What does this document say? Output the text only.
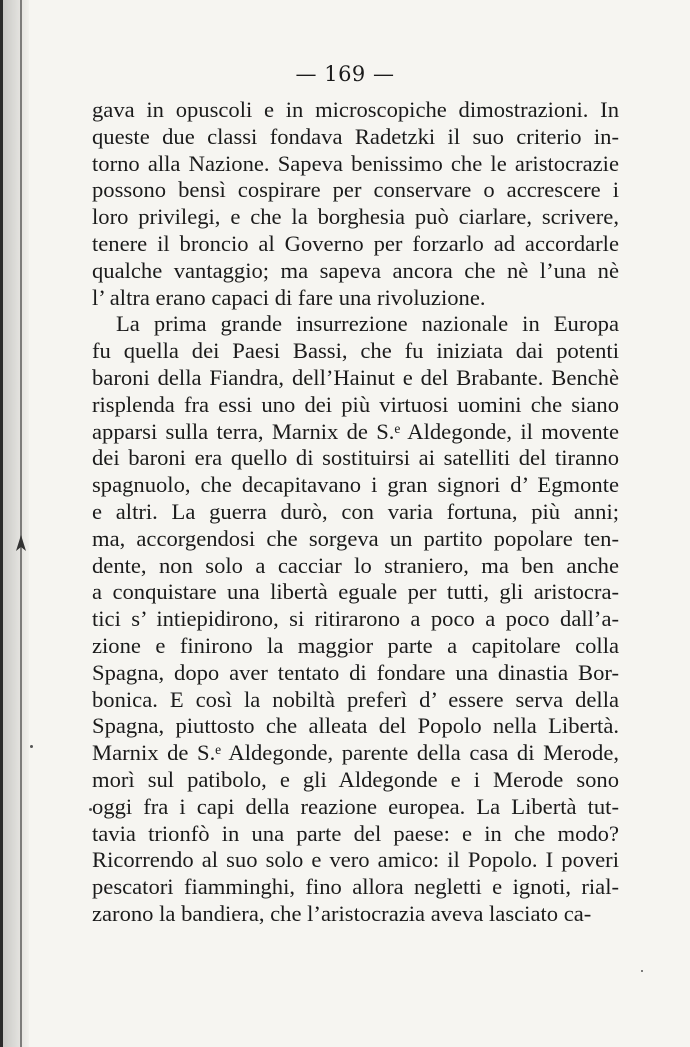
— 169 —
gava in opuscoli e in microscopiche dimostrazioni. In
queste due classi fondava Radetzki il suo criterio in-
torno alla Nazione. Sapeva benissimo che le aristocrazie
possono bensì cospirare per conservare o accrescere i
loro privilegi, e che la borghesia può ciarlare, scrivere,
tenere il broncio al Governo per forzarlo ad accordarle
qualche vantaggio; ma sapeva ancora che nè l’una nè
l’ altra erano capaci di fare una rivoluzione.
La prima grande insurrezione nazionale in Europa
fu quella dei Paesi Bassi, che fu iniziata dai potenti
baroni della Fiandra, dell’Hainut e del Brabante. Benchè
risplenda fra essi uno dei più virtuosi uomini che siano
apparsi sulla terra, Marnix de S.ᵉ Aldegonde, il movente
dei baroni era quello di sostituirsi ai satelliti del tiranno
spagnuolo, che decapitavano i gran signori d’ Egmonte
e altri. La guerra durò, con varia fortuna, più anni;
ma, accorgendosi che sorgeva un partito popolare ten-
dente, non solo a cacciar lo straniero, ma ben anche
a conquistare una libertà eguale per tutti, gli aristocra-
tici s’ intiepidirono, si ritirarono a poco a poco dall’a-
zione e finirono la maggior parte a capitolare colla
Spagna, dopo aver tentato di fondare una dinastia Bor-
bonica. E così la nobiltà preferì d’ essere serva della
Spagna, piuttosto che alleata del Popolo nella Libertà.
Marnix de S.ᵉ Aldegonde, parente della casa di Merode,
morì sul patibolo, e gli Aldegonde e i Merode sono
oggi fra i capi della reazione europea. La Libertà tut-
tavia trionfò in una parte del paese: e in che modo?
Ricorrendo al suo solo e vero amico: il Popolo. I poveri
pescatori fiamminghi, fino allora negletti e ignoti, rial-
zarono la bandiera, che l’aristocrazia aveva lasciato ca-
